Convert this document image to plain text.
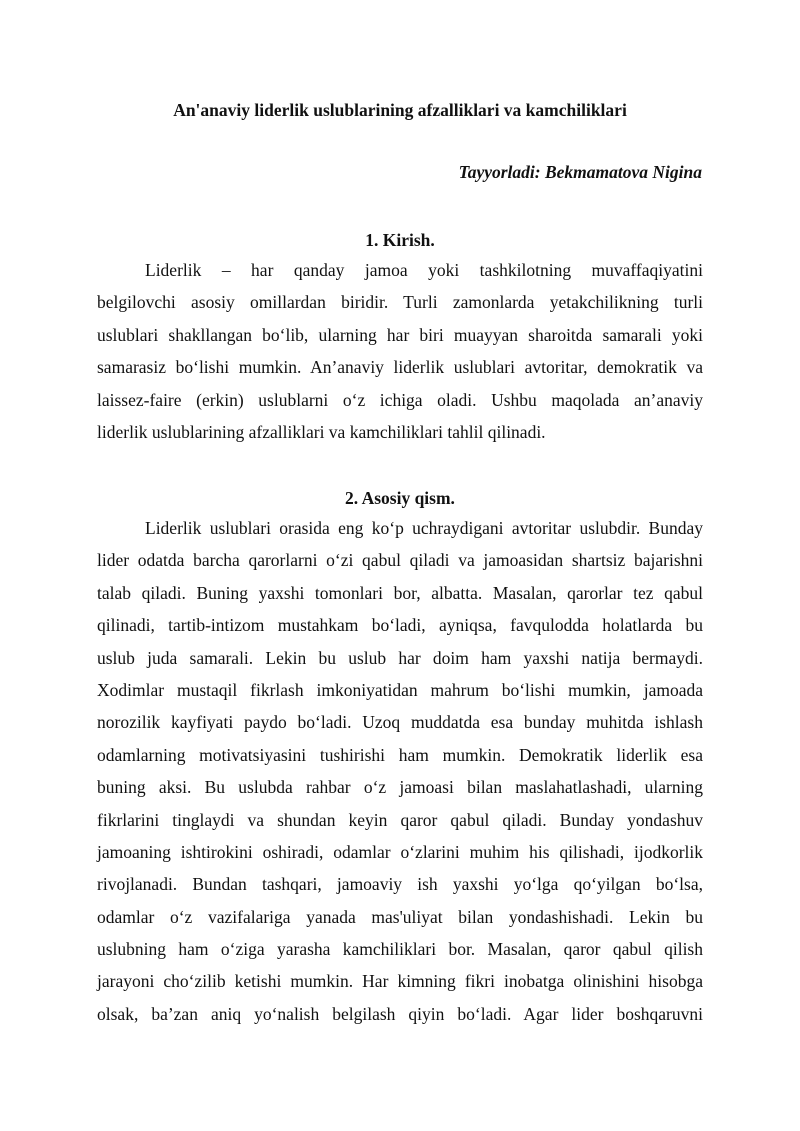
An'anaviy liderlik uslublarining afzalliklari va kamchiliklari

Tayyorladi: Bekmamatova Nigina

1. Kirish.
Liderlik – har qanday jamoa yoki tashkilotning muvaffaqiyatini
belgilovchi asosiy omillardan biridir. Turli zamonlarda yetakchilikning turli
uslublari shakllangan bo‘lib, ularning har biri muayyan sharoitda samarali yoki
samarasiz bo‘lishi mumkin. An’anaviy liderlik uslublari avtoritar, demokratik va
laissez-faire (erkin) uslublarni o‘z ichiga oladi. Ushbu maqolada an’anaviy
liderlik uslublarining afzalliklari va kamchiliklari tahlil qilinadi.
2. Asosiy qism.
Liderlik uslublari orasida eng ko‘p uchraydigani avtoritar uslubdir. Bunday
lider odatda barcha qarorlarni o‘zi qabul qiladi va jamoasidan shartsiz bajarishni
talab qiladi. Buning yaxshi tomonlari bor, albatta. Masalan, qarorlar tez qabul
qilinadi, tartib-intizom mustahkam bo‘ladi, ayniqsa, favqulodda holatlarda bu
uslub juda samarali. Lekin bu uslub har doim ham yaxshi natija bermaydi.
Xodimlar mustaqil fikrlash imkoniyatidan mahrum bo‘lishi mumkin, jamoada
norozilik kayfiyati paydo bo‘ladi. Uzoq muddatda esa bunday muhitda ishlash
odamlarning motivatsiyasini tushirishi ham mumkin. Demokratik liderlik esa
buning aksi. Bu uslubda rahbar o‘z jamoasi bilan maslahatlashadi, ularning
fikrlarini tinglaydi va shundan keyin qaror qabul qiladi. Bunday yondashuv
jamoaning ishtirokini oshiradi, odamlar o‘zlarini muhim his qilishadi, ijodkorlik
rivojlanadi. Bundan tashqari, jamoaviy ish yaxshi yo‘lga qo‘yilgan bo‘lsa,
odamlar o‘z vazifalariga yanada mas'uliyat bilan yondashishadi. Lekin bu
uslubning ham o‘ziga yarasha kamchiliklari bor. Masalan, qaror qabul qilish
jarayoni cho‘zilib ketishi mumkin. Har kimning fikri inobatga olinishini hisobga
olsak, ba’zan aniq yo‘nalish belgilash qiyin bo‘ladi. Agar lider boshqaruvni
